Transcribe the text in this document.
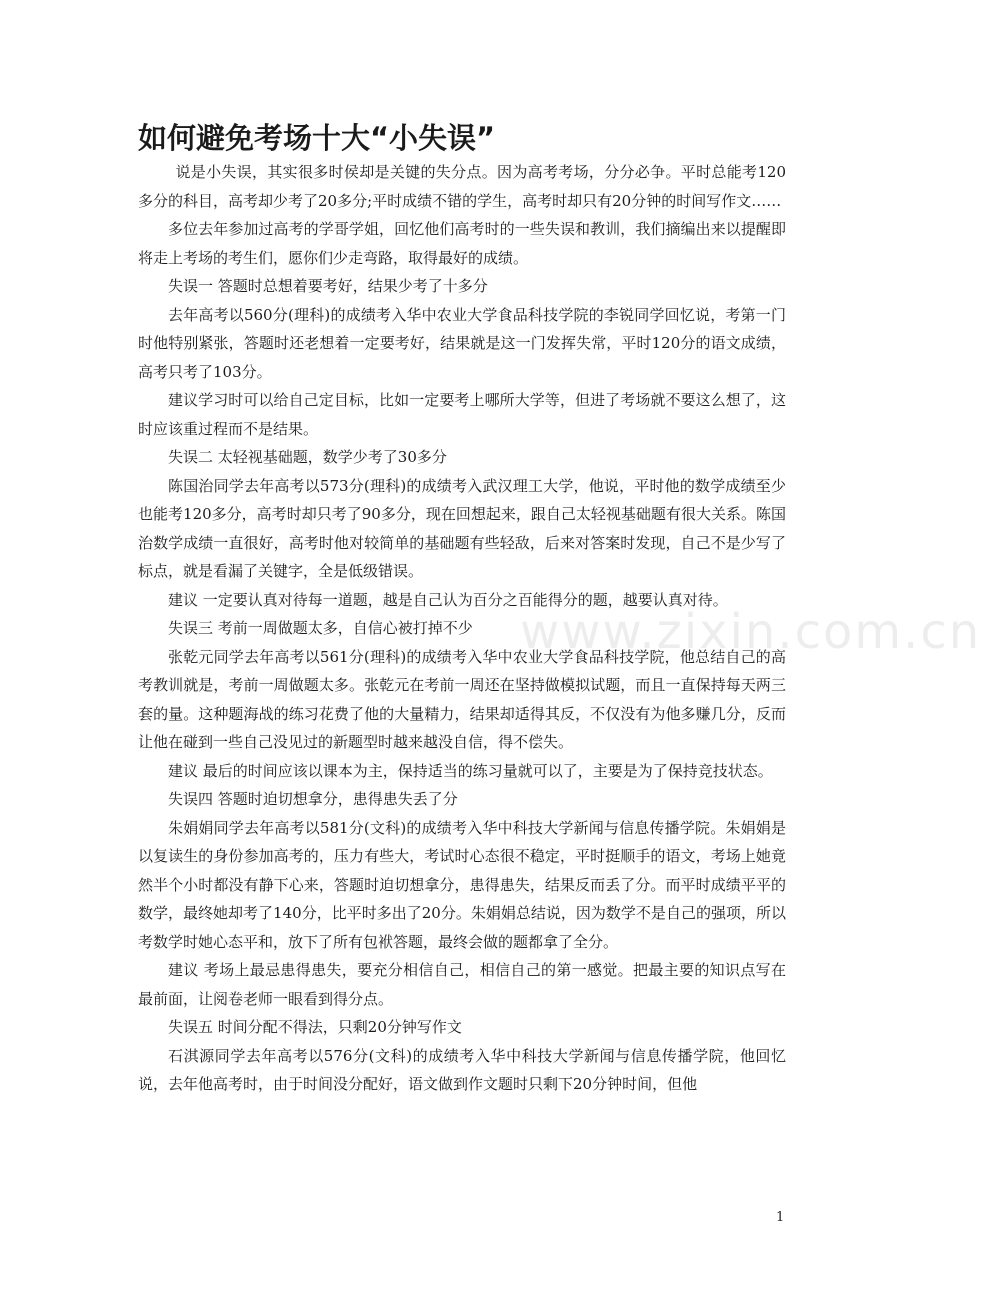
如何避免考场十大“小失误”

说是小失误，其实很多时侯却是关键的失分点。因为高考考场，分分必争。平时总能考120多分的科目，高考却少考了20多分;平时成绩不错的学生，高考时却只有20分钟的时间写作文……

多位去年参加过高考的学哥学姐，回忆他们高考时的一些失误和教训，我们摘编出来以提醒即将走上考场的考生们，愿你们少走弯路，取得最好的成绩。

失误一 答题时总想着要考好，结果少考了十多分

去年高考以560分(理科)的成绩考入华中农业大学食品科技学院的李锐同学回忆说，考第一门时他特别紧张，答题时还老想着一定要考好，结果就是这一门发挥失常，平时120分的语文成绩，高考只考了103分。

建议学习时可以给自己定目标，比如一定要考上哪所大学等，但进了考场就不要这么想了，这时应该重过程而不是结果。

失误二 太轻视基础题，数学少考了30多分

陈国治同学去年高考以573分(理科)的成绩考入武汉理工大学，他说，平时他的数学成绩至少也能考120多分，高考时却只考了90多分，现在回想起来，跟自己太轻视基础题有很大关系。陈国治数学成绩一直很好，高考时他对较简单的基础题有些轻敌，后来对答案时发现，自己不是少写了标点，就是看漏了关键字，全是低级错误。

建议 一定要认真对待每一道题，越是自己认为百分之百能得分的题，越要认真对待。

失误三 考前一周做题太多，自信心被打掉不少

张乾元同学去年高考以561分(理科)的成绩考入华中农业大学食品科技学院，他总结自己的高考教训就是，考前一周做题太多。张乾元在考前一周还在坚持做模拟试题，而且一直保持每天两三套的量。这种题海战的练习花费了他的大量精力，结果却适得其反，不仅没有为他多赚几分，反而让他在碰到一些自己没见过的新题型时越来越没自信，得不偿失。

建议 最后的时间应该以课本为主，保持适当的练习量就可以了，主要是为了保持竞技状态。

失误四 答题时迫切想拿分，患得患失丢了分

朱娟娟同学去年高考以581分(文科)的成绩考入华中科技大学新闻与信息传播学院。朱娟娟是以复读生的身份参加高考的，压力有些大，考试时心态很不稳定，平时挺顺手的语文，考场上她竟然半个小时都没有静下心来，答题时迫切想拿分，患得患失，结果反而丢了分。而平时成绩平平的数学，最终她却考了140分，比平时多出了20分。朱娟娟总结说，因为数学不是自己的强项，所以考数学时她心态平和，放下了所有包袱答题，最终会做的题都拿了全分。

建议 考场上最忌患得患失，要充分相信自己，相信自己的第一感觉。把最主要的知识点写在最前面，让阅卷老师一眼看到得分点。

失误五 时间分配不得法，只剩20分钟写作文

石淇源同学去年高考以576分(文科)的成绩考入华中科技大学新闻与信息传播学院，他回忆说，去年他高考时，由于时间没分配好，语文做到作文题时只剩下20分钟时间，但他

www.zixin.com.cn
1
